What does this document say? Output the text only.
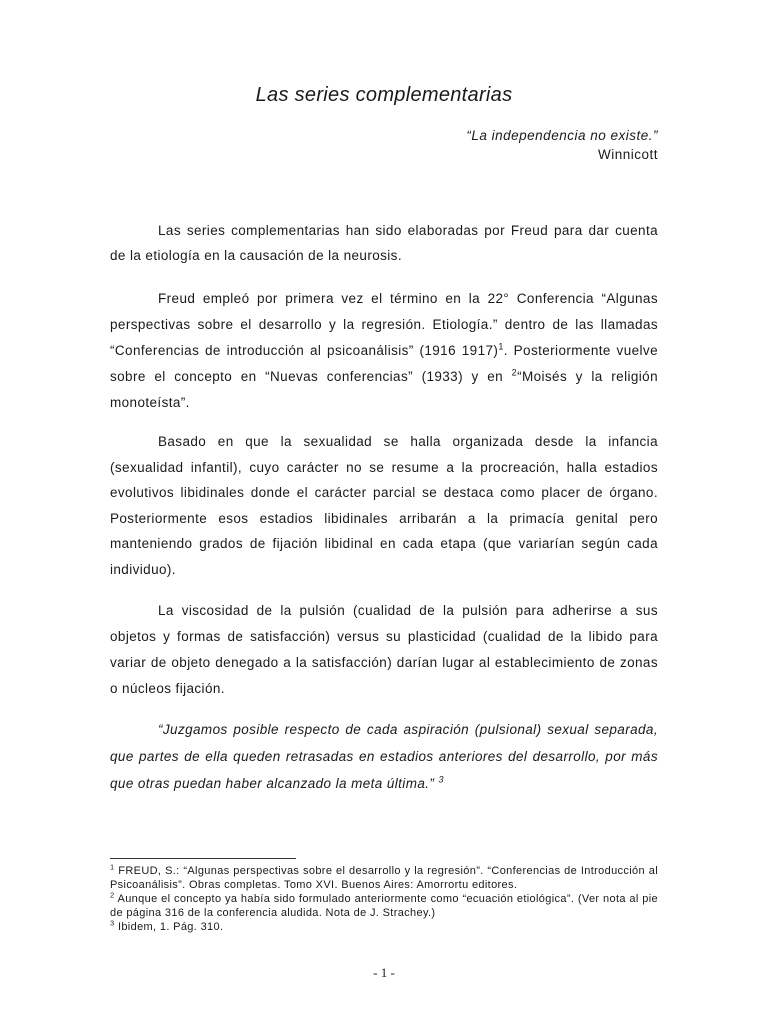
Las series complementarias
“La independencia no existe.”
Winnicott

Las series complementarias han sido elaboradas por Freud para dar cuenta de la etiología en la causación de la neurosis.

Freud empleó por primera vez el término en la 22° Conferencia “Algunas perspectivas sobre el desarrollo y la regresión. Etiología.” dentro de las llamadas “Conferencias de introducción al psicoanálisis” (1916 1917)$^1$. Posteriormente vuelve sobre el concepto en “Nuevas conferencias” (1933) y en $^2$“Moisés y la religión monoteísta”.

Basado en que la sexualidad se halla organizada desde la infancia (sexualidad infantil), cuyo carácter no se resume a la procreación, halla estadios evolutivos libidinales donde el carácter parcial se destaca como placer de órgano. Posteriormente esos estadios libidinales arribarán a la primacía genital pero manteniendo grados de fijación libidinal en cada etapa (que variarían según cada individuo).

La viscosidad de la pulsión (cualidad de la pulsión para adherirse a sus objetos y formas de satisfacción) versus su plasticidad (cualidad de la libido para variar de objeto denegado a la satisfacción) darían lugar al establecimiento de zonas o núcleos fijación.

“Juzgamos posible respecto de cada aspiración (pulsional) sexual separada, que partes de ella queden retrasadas en estadios anteriores del desarrollo, por más que otras puedan haber alcanzado la meta última.” $^3$

$^1$ FREUD, S.: “Algunas perspectivas sobre el desarrollo y la regresión”. “Conferencias de Introducción al Psicoanálisis”. Obras completas. Tomo XVI. Buenos Aires: Amorrortu editores.

$^2$ Aunque el concepto ya había sido formulado anteriormente como “ecuación etiológica”. (Ver nota al pie de página 316 de la conferencia aludida. Nota de J. Strachey.)

$^3$ Ibidem, 1. Pág. 310.

- 1 -
